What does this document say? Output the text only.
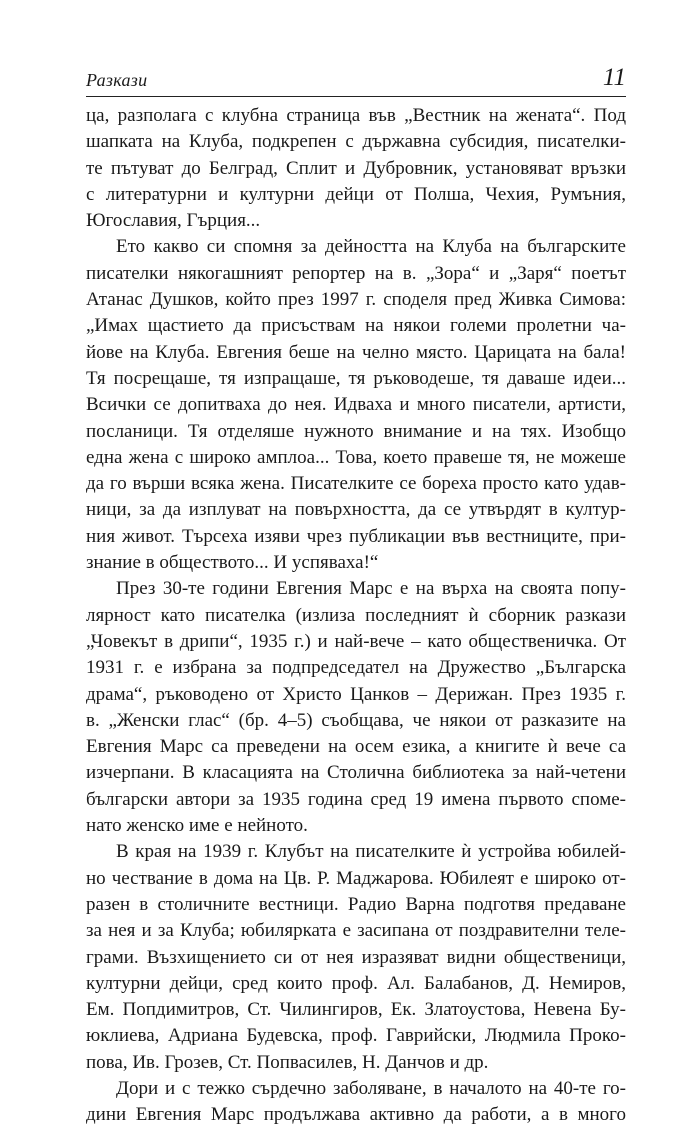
Разкази	11
ца, разполага с клубна страница във „Вестник на жената“. Под
шапката на Клуба, подкрепен с държавна субсидия, писателки-
те пътуват до Белград, Сплит и Дубровник, установяват връзки
с литературни и културни дейци от Полша, Чехия, Румъния,
Югославия, Гърция...
Ето какво си спомня за дейността на Клуба на българските
писателки някогашният репортер на в. „Зора“ и „Заря“ поетът
Атанас Душков, който през 1997 г. споделя пред Живка Симова:
„Имах щастието да присъствам на някои големи пролетни ча-
йове на Клуба. Евгения беше на челно място. Царицата на бала!
Тя посрещаше, тя изпращаше, тя ръководеше, тя даваше идеи...
Всички се допитваха до нея. Идваха и много писатели, артисти,
посланици. Тя отделяше нужното внимание и на тях. Изобщо
една жена с широко амплоа... Това, което правеше тя, не можеше
да го върши всяка жена. Писателките се бореха просто като удав-
ници, за да изплуват на повърхността, да се утвърдят в култур-
ния живот. Търсеха изяви чрез публикации във вестниците, при-
знание в обществото... И успяваха!“
През 30-те години Евгения Марс е на върха на своята попу-
лярност като писателка (излиза последният ѝ сборник разкази
„Човекът в дрипи“, 1935 г.) и най-вече – като общественичка. От
1931 г. е избрана за подпредседател на Дружество „Българска
драма“, ръководено от Христо Цанков – Дерижан. През 1935 г.
в. „Женски глас“ (бр. 4–5) съобщава, че някои от разказите на
Евгения Марс са преведени на осем езика, а книгите ѝ вече са
изчерпани. В класацията на Столична библиотека за най-четени
български автори за 1935 година сред 19 имена първото споме-
нато женско име е нейното.
В края на 1939 г. Клубът на писателките ѝ устройва юбилей-
но чествание в дома на Цв. Р. Маджарова. Юбилеят е широко от-
разен в столичните вестници. Радио Варна подготвя предаване
за нея и за Клуба; юбилярката е засипана от поздравителни теле-
грами. Възхищението си от нея изразяват видни общественици,
културни дейци, сред които проф. Ал. Балабанов, Д. Немиров,
Ем. Попдимитров, Ст. Чилингиров, Ек. Златоустова, Невена Бу-
юклиева, Адриана Будевска, проф. Гаврийски, Людмила Проко-
пова, Ив. Грозев, Ст. Попвасилев, Н. Данчов и др.
Дори и с тежко сърдечно заболяване, в началото на 40-те го-
дини Евгения Марс продължава активно да работи, а в много
